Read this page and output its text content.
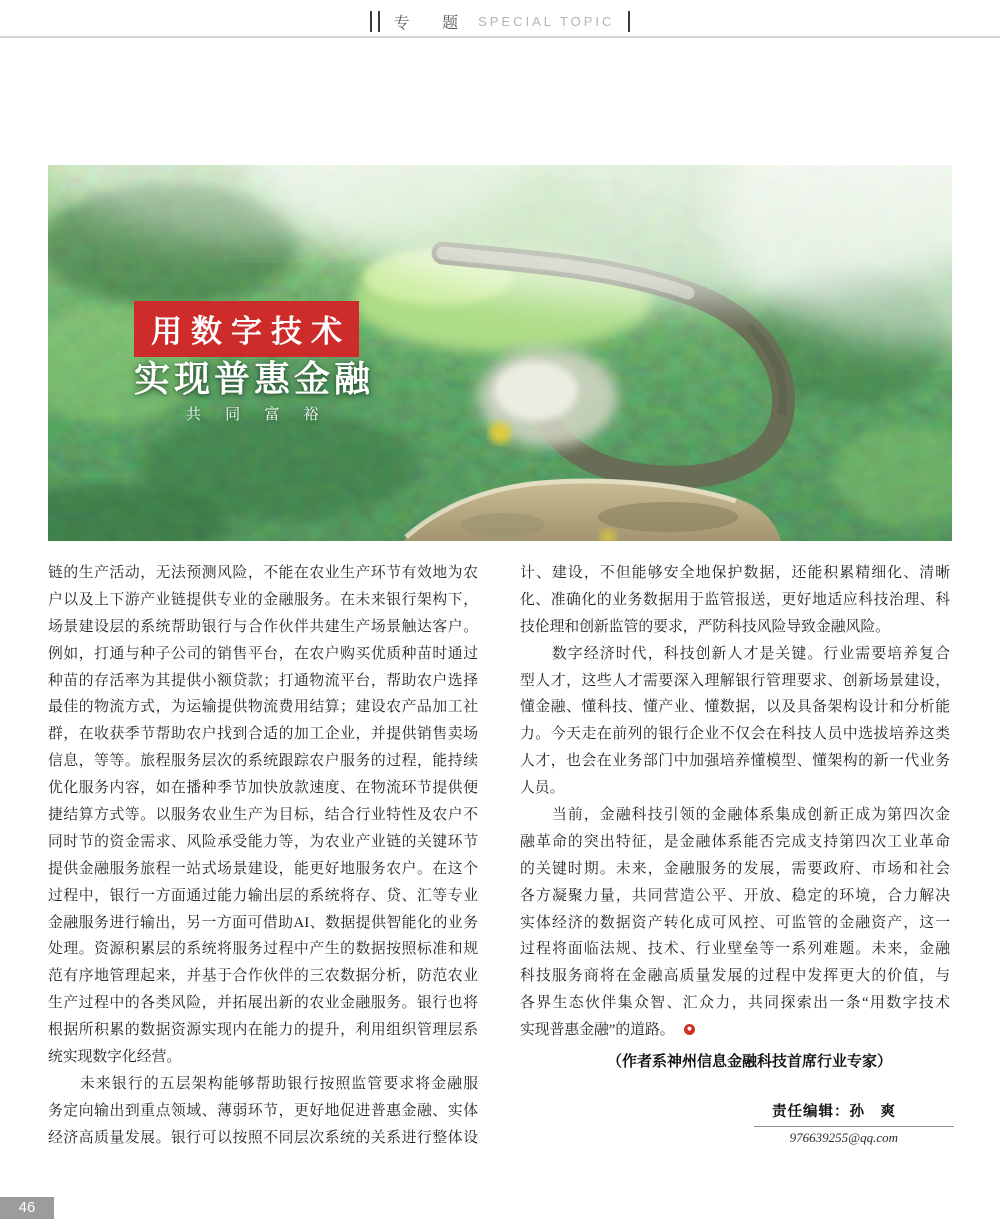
专 题 SPECIAL TOPIC
用数字技术
实现普惠金融
共 同 富 裕
链的生产活动，无法预测风险，不能在农业生产环节有效地为农
户以及上下游产业链提供专业的金融服务。在未来银行架构下，
场景建设层的系统帮助银行与合作伙伴共建生产场景触达客户。
例如，打通与种子公司的销售平台，在农户购买优质种苗时通过
种苗的存活率为其提供小额贷款；打通物流平台，帮助农户选择
最佳的物流方式，为运输提供物流费用结算；建设农产品加工社
群，在收获季节帮助农户找到合适的加工企业，并提供销售卖场
信息，等等。旅程服务层次的系统跟踪农户服务的过程，能持续
优化服务内容，如在播种季节加快放款速度、在物流环节提供便
捷结算方式等。以服务农业生产为目标，结合行业特性及农户不
同时节的资金需求、风险承受能力等，为农业产业链的关键环节
提供金融服务旅程一站式场景建设，能更好地服务农户。在这个
过程中，银行一方面通过能力输出层的系统将存、贷、汇等专业
金融服务进行输出，另一方面可借助AI、数据提供智能化的业务
处理。资源积累层的系统将服务过程中产生的数据按照标准和规
范有序地管理起来，并基于合作伙伴的三农数据分析，防范农业
生产过程中的各类风险，并拓展出新的农业金融服务。银行也将
根据所积累的数据资源实现内在能力的提升，利用组织管理层系
统实现数字化经营。
　　未来银行的五层架构能够帮助银行按照监管要求将金融服
务定向输出到重点领域、薄弱环节，更好地促进普惠金融、实体
经济高质量发展。银行可以按照不同层次系统的关系进行整体设
计、建设，不但能够安全地保护数据，还能积累精细化、清晰
化、准确化的业务数据用于监管报送，更好地适应科技治理、科
技伦理和创新监管的要求，严防科技风险导致金融风险。
　　数字经济时代，科技创新人才是关键。行业需要培养复合
型人才，这些人才需要深入理解银行管理要求、创新场景建设，
懂金融、懂科技、懂产业、懂数据，以及具备架构设计和分析能
力。今天走在前列的银行企业不仅会在科技人员中选拔培养这类
人才，也会在业务部门中加强培养懂模型、懂架构的新一代业务
人员。
　　当前，金融科技引领的金融体系集成创新正成为第四次金
融革命的突出特征，是金融体系能否完成支持第四次工业革命
的关键时期。未来，金融服务的发展，需要政府、市场和社会
各方凝聚力量，共同营造公平、开放、稳定的环境，合力解决
实体经济的数据资产转化成可风控、可监管的金融资产，这一
过程将面临法规、技术、行业壁垒等一系列难题。未来，金融
科技服务商将在金融高质量发展的过程中发挥更大的价值，与
各界生态伙伴集众智、汇众力，共同探索出一条“用数字技术
实现普惠金融”的道路。
（作者系神州信息金融科技首席行业专家）
责任编辑：孙　爽
976639255@qq.com
46
